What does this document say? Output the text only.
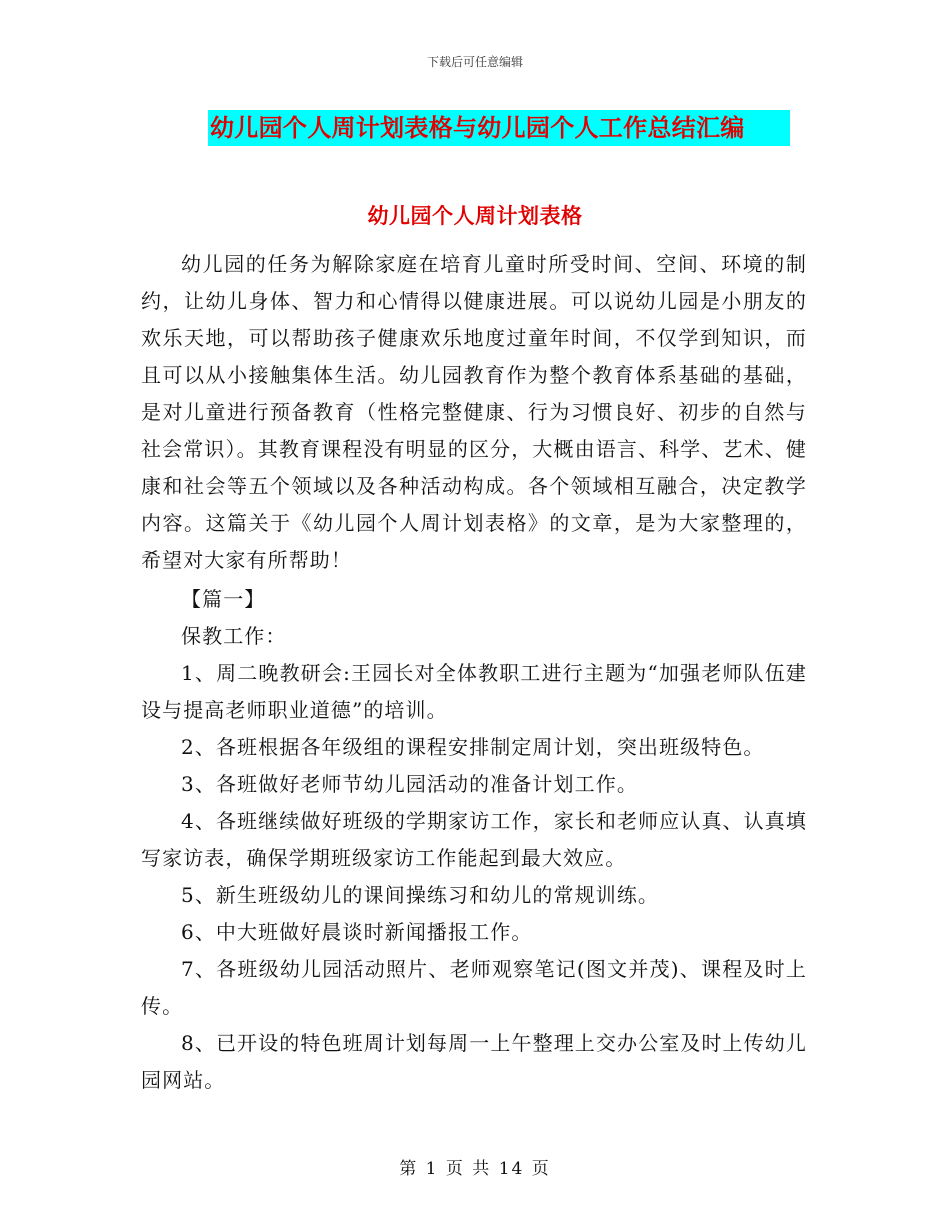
下载后可任意编辑
幼儿园个人周计划表格与幼儿园个人工作总结汇编
幼儿园个人周计划表格

幼儿园的任务为解除家庭在培育儿童时所受时间、空间、环境的制约，让幼儿身体、智力和心情得以健康进展。可以说幼儿园是小朋友的欢乐天地，可以帮助孩子健康欢乐地度过童年时间，不仅学到知识，而且可以从小接触集体生活。幼儿园教育作为整个教育体系基础的基础，是对儿童进行预备教育（性格完整健康、行为习惯良好、初步的自然与社会常识）。其教育课程没有明显的区分，大概由语言、科学、艺术、健康和社会等五个领域以及各种活动构成。各个领域相互融合，决定教学内容。这篇关于《幼儿园个人周计划表格》的文章，是为大家整理的，希望对大家有所帮助！

【篇一】

保教工作：

1、周二晚教研会:王园长对全体教职工进行主题为“加强老师队伍建设与提高老师职业道德”的培训。

2、各班根据各年级组的课程安排制定周计划，突出班级特色。

3、各班做好老师节幼儿园活动的准备计划工作。

4、各班继续做好班级的学期家访工作，家长和老师应认真、认真填写家访表，确保学期班级家访工作能起到最大效应。

5、新生班级幼儿的课间操练习和幼儿的常规训练。

6、中大班做好晨谈时新闻播报工作。

7、各班级幼儿园活动照片、老师观察笔记(图文并茂)、课程及时上传。

8、已开设的特色班周计划每周一上午整理上交办公室及时上传幼儿园网站。

第 1 页 共 14 页
